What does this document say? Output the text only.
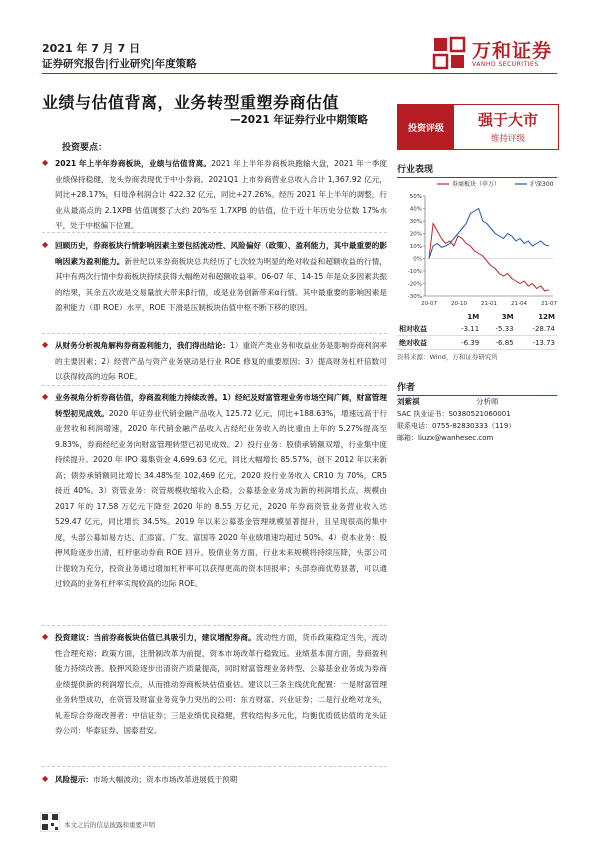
2021 年 7 月 7 日
证券研究报告|行业研究|年度策略
万和证券
VANHO SECURITIES
业绩与估值背离，业务转型重塑券商估值
—2021 年证券行业中期策略
投资评级	强于大市
维持评级
投资要点：
◆ 2021 年上半年券商板块，业绩与估值背离。2021 年上半年券商板块跑输大盘，2021 年一季度业绩保持稳健，龙头券商表现优于中小券商。2021Q1 上市券商营业总收入合计 1,367.92 亿元，同比+28.17%，归母净利润合计 422.32 亿元，同比+27.26%。经历 2021 年上半年的调整，行业从最高点的 2.1XPB 估值调整了大约 20%至 1.7XPB 的估值，位于近十年历史分位数 17%水平，处于中枢偏下位置。
◆ 回顾历史，券商板块行情影响因素主要包括流动性、风险偏好（政策）、盈利能力，其中最重要的影响因素为盈利能力。新世纪以来券商板块总共经历了七次较为明显的绝对收益和超额收益的行情，其中有两次行情中券商板块持续获得大幅绝对和超额收益率。06-07 年、14-15 年是众多因素共振的结果，其余五次或是交易量放大带来β行情，或是业务创新带来α行情。其中最重要的影响因素是盈利能力（即 ROE）水平，ROE 下滑是压制板块估值中枢不断下移的原因。
◆ 从财务分析视角解构券商盈利能力，我们得出结论：1）重资产类业务和收益业务是影响券商利润率的主要因素；2）经营产品与资产业务驱动是行业 ROE 修复的重要原因；3）提高财务杠杆倍数可以获得较高的边际 ROE。
◆ 业务视角分析券商估值，券商盈利能力持续改善。1）经纪及财富管理业务市场空间广阔，财富管理转型初见成效。2020 年证券业代销金融产品收入 125.72 亿元，同比+188.63%，增速远高于行业营收和利润增速，2020 年代销金融产品收入占经纪业务收入的比重由上年的 5.27%提高至 9.83%，券商经纪业务向财富管理转型已初见成效。2）投行业务：股债承销额双增，行业集中度持续提升。2020 年 IPO 募集资金 4,699.63 亿元，同比大幅增长 85.57%，创下 2012 年以来新高；债券承销额同比增长 34.48%至 102,469 亿元，2020 投行业务收入 CR10 为 70%，CR5 接近 40%。3）资管业务：资管规模收缩收入企稳，公募基金业务成为新的利润增长点。规模由 2017 年的 17.58 万亿元下降至 2020 年的 8.55 万亿元，2020 年券商资管业务营业收入达 529.47 亿元，同比增长 34.5%。2019 年以来公募基金管理规模显著提升，且呈现很高的集中度，头部公募如易方达、汇添富、广发、富国等 2020 年业绩增速均超过 50%。4）资本业务：股押风险逐步出清，杠杆驱动券商 ROE 回升。股债业务方面，行业未来规模将持续压降，头部公司计提较为充分，投资业务通过增加杠杆率可以获得更高的资本回报率；头部券商优势显著，可以通过较高的业务杠杆率实现较高的边际 ROE。
◆ 投资建议：当前券商板块估值已具吸引力，建议增配券商。流动性方面，货币政策稳定当先，流动性合理充裕；政策方面，注册制改革为前提，资本市场改革行稳致远。业绩基本面方面，券商盈利能力持续改善。股押风险逐步出清资产质量提高，同时财富管理业务转型、公募基金业务成为券商业绩提供新的利润增长点，从而推动券商板块估值重估。建议以三条主线优化配置：一是财富管理业务转型成功，在资管及财富业务竞争力突出的公司：东方财富、兴业证券；二是行业绝对龙头，轧差综合券商改善者：中信证券；三是业绩优良稳健，营收结构多元化，均衡优质低估值的龙头证券公司：华泰证券、国泰君安。
◆ 风险提示：市场大幅波动；资本市场改革进展低于预期
行业表现
-30%
-20%
-10%
0%
10%
20%
30%
40%
50%
20-07	20-10	21-01	21-04	21-07
券商板块（申万）	沪深300
	1M	3M	12M
相对收益	-3.11	-5.33	-28.74
绝对收益	-6.39	-6.85	-13.73
资料来源：Wind，万和证券研究所
作者
刘紫祺	分析师
SAC 执业证书：S0380521060001
联系电话：0755-82830333（119）
邮箱：liuzx@wanhesec.com
本文之后的信息披露和重要声明
